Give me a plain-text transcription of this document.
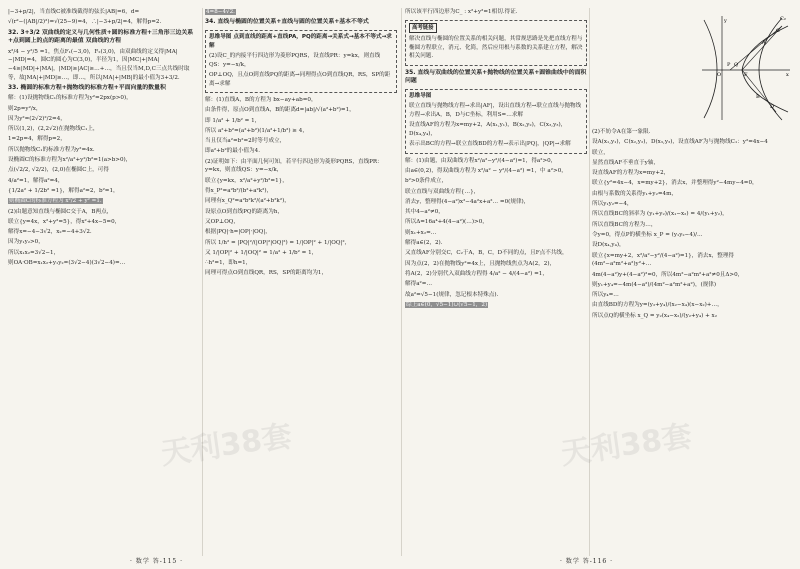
|−3+p/2|，当直线C被准线截得的弦长|AB|=6，d=

√(r²−(|AB|/2)²)=√(25−9)=4，∴|−3+p/2|=4，解得p=2.

32. 3+3/2 双曲线的定义与几何性质+圆的标准方程+三角形三边关系+点到圆上的点的距离的最值 双曲线的方程

x²/4 − y²/5 =1，焦点F₁(−3,0)，F₂(3,0)，由双曲线的定义得|MA|−|MD|=4，圆C的圆心为C(3,0)，半径为1，因|MC|+|MA|−4≥|MD|+|MA|，|MD|≥|AC|≥…+…，当且仅当M,D,C三点共线时取等，故|MA|+|MD|≥…，即…，所以|MA|+|MB|的最小值为3+3/2.

33. 椭圆的标准方程+抛物线的标准方程+平面向量的数量积

解：(1)设抛物线C₁的标准方程为y²=2px(p>0)，

则2p=y²/x，

因为y²=(2√2)²/2=4，

所以(1,2)，(2,2√2)在抛物线C₁上，

1=2p=4，解得p=2，

所以抛物线C₁的标准方程为y²=4x.

设椭圆C的标准方程为x²/a²+y²/b²=1(a>b>0)，

点(√2/2, √2/2)，(2,0)在椭圆C上，可得

4/a²=1，解得a²=4，

{1/2a² + 1/2b² =1}，解得a²=2，b²=1，

则椭圆C的标准方程为 x²/2 + y² =1.

(2)由题意知直线与椭圆C交于A，B两点，

联立{y=4x，x²+y²=5}，得x²+4x−5=0，

解得x=−4−3√2，x₂=−4+3√2.

因为y₁y₂>0，

所以x₁x₂=3√2−1，

则OA·OB=x₁x₂+y₁y₂=(3√2−4)(3√2−4)=…

4=8−4√2.

34. 直线与椭圆的位置关系+直线与圆的位置关系+基本不等式

思维导图 点到直线的距离+直线PA，PQ的距离→关系式→基本不等式→求解

(2)设C_的内接平行四边形为菱形PQRS，设直线PR：y=kx，则直线QS：y=−x/k，

OP⊥OQ，且点O到直线PQ的距离→同理得点O到直线QR，RS，SP的距离→求解

解：(1)直线A，B的方程为 bx−ay+ab=0，

由条件得，原点O到直线A，B的距离d=|ab|/√(a²+b²)=1，

即 1/a² + 1/b² = 1，

所以 a²+b²=(a²+b²)(1/a²+1/b²) ≥ 4，

当且仅当a²=b²=2时等号成立，

即a²+b²的最小值为4.

(2)证明如下：由平面几何可知，若平行四边形为菱形PQRS，直线PR：y=kx，则直线QS：y=−x/k，

联立{y=kx，x²/a²+y²/b²=1}，

得x_P²=a²b²/(b²+a²k²)，

同理有x_Q²=a²b²k²/(a²+b²k²)，

设原点O到直线PQ的距离为h，

又OP⊥OQ，

根据|PQ|·h=|OP|·|OQ|，

所以 1/h² = |PQ|²/(|OP|²|OQ|²) = 1/|OP|² + 1/|OQ|²，

又 1/|OP|² + 1/|OQ|² = 1/a² + 1/b² = 1，

∴h²=1，即h=1，

同理可得点O到直线QR，RS，SP的距离均为1，

所以该平行四边形为C_ : x²+y²=1相切.得证.

高考链接

解决直线与椭圆的位置关系的相关问题，其常规思路是先把直线方程与椭圆方程联立，消元、化简，然后应用根与系数的关系建立方程，解决相关问题.

35. 直线与双曲线的位置关系+抛物线的位置关系+圆锥曲线中的面积问题

思维导图

联立直线与抛物线方程→求出|AF|，设出直线方程→联立直线与抛物线方程→求出A，B，D与C坐标，利用S=…求解

设直线AF的方程为x=my+2，A(x₁,y₁)，B(x₂,y₂)，C(x₃,y₃)，D(x₄,y₄)，

表示出BC的方程→联立直线BD的方程→表示出|PQ|，|QP|→求解

解：(1)由题，由双曲线方程x²/a²−y²/(4−a²)=1，得a²>0，

由a∈(0,2)，得双曲线方程为 x²/a² − y²/(4−a²) =1，中 a²>0，

b²>0条件成立，

联立直线与双曲线方程{…}，

消去y，整理得(4−a²)x²−4a²x+a²… =0(规律)，

其中4−a²≠0，

所以Δ=16a⁴+4(4−a²)(…)>0，

则x₁+x₂=…

解得a∈(2，2).

又直线AF分别交C，C₂于A，B，C，D不同的点，且F点不共线，

因为点(2，2)在抛物线y²=4x上，且抛物线焦点为A(2，2)，

将A(2，2)分别代入双曲线方程得 4/a² − 4/(4−a²) =1，

解得a²=…

故a²=√5−1(规律，忽记根本特殊点).

综上a∈(0，√5−1)∪(√5−1，2)

(2)不妨令A在第一象限.

设A(x₁,y₁)，C(x₂,y₂)，D(x₃,y₃)，设直线AF为与抛物线C₁：y²=4x−4

联立，

显然直线AF不垂直于y轴，

设直线AF的方程为x=my+2，

联立{y²=4x−4，x=my+2}，消去x，并整理得y²−4my−4=0，

由根与系数的关系得y₁+y₂=4m，

所以y₁y₂=−4，

所以直线BC的斜率为 (y₁+y₂)/(x₁−x₂) = 4/(y₁+y₂)，

所以直线BC的方程为…，

令y=0，得点P的横坐标 x_P = (y₁y₂−4)/…

设D(x₄,y₄)，

联立{x=my+2，x²/a²−y²/(4−a²)=1}，消去x，整理得(4m²−a²m²+a²)y²+…

4m(4−a²)y+(4−a²)²=0，所以4m²−a²m²+a²≠0且Δ>0，

则y₁+y₄=−4m(4−a²)/(4m²−a²m²+a²)，(规律)

所以y₄=…

由直线BD的方程为y=(y₂+y₄)/(x₂−x₄)(x−x₂)+…，

所以点Q的横坐标 x_Q = y₂(x₄−x₂)/(y₂+y₄) + x₂

y
x
O	F
P Q
A
B
C
D
C₂
天利38套	天利38套
· 数学 答-115 ·	· 数学 答-116 ·
